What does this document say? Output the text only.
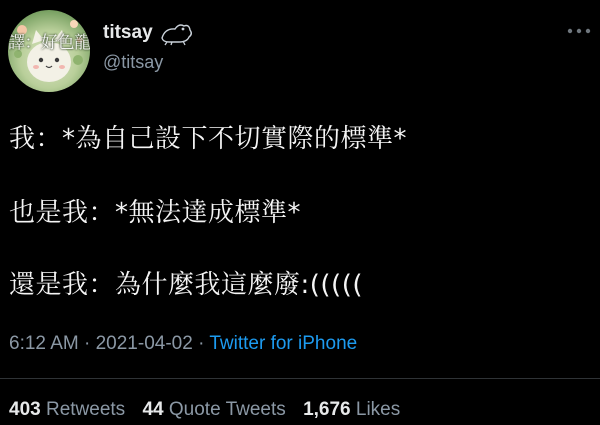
譯：好色龍 titsay
@titsay
我：*為自己設下不切實際的標準*
也是我：*無法達成標準*
還是我：為什麼我這麼廢:(((((
6:12 AM · 2021-04-02 · Twitter for iPhone
403 Retweets 44 Quote Tweets 1,676 Likes
